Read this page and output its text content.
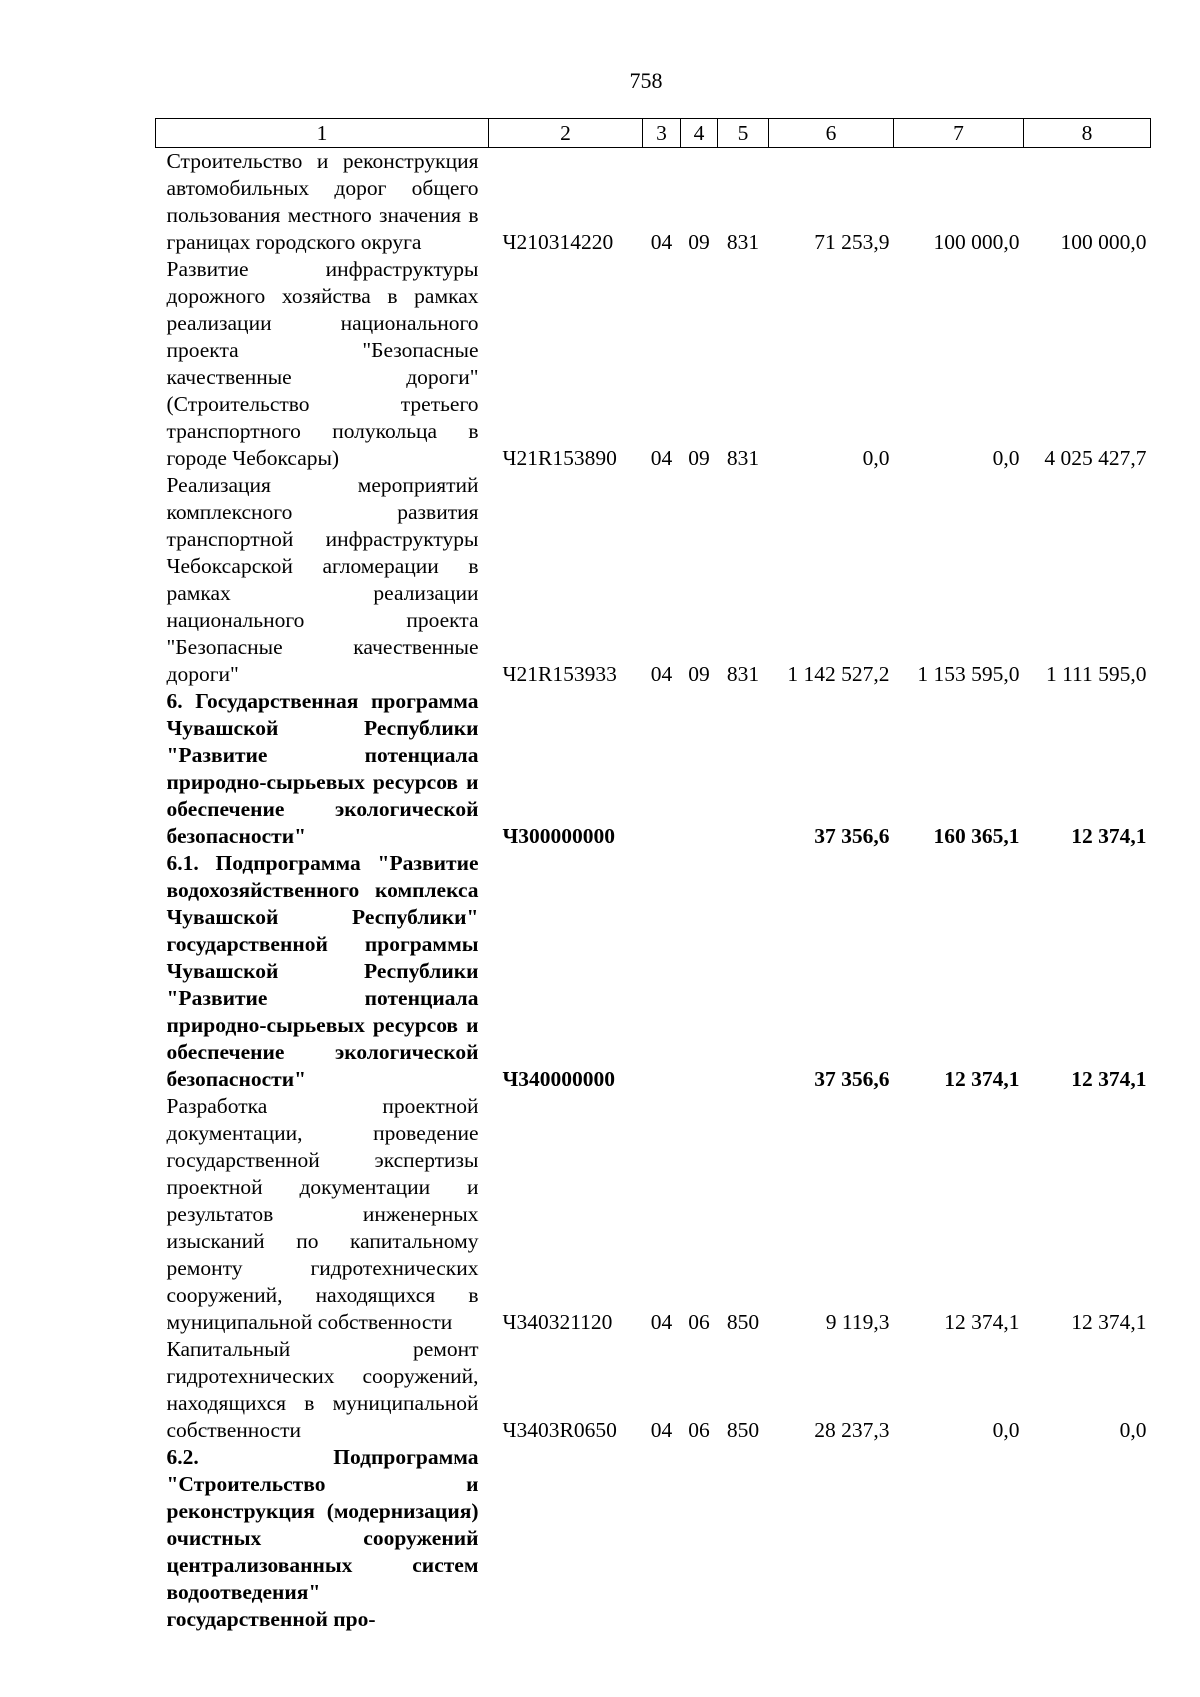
758
1	2	3	4	5	6	7	8
Строительство и реконструкция автомобильных дорог общего пользования местного значения в границах городского округа	Ч210314220	04	09	831	71 253,9	100 000,0	100 000,0
Развитие инфраструктуры дорожного хозяйства в рамках реализации национального проекта "Безопасные качественные дороги" (Строительство третьего транспортного полукольца в городе Чебоксары)	Ч21R153890	04	09	831	0,0	0,0	4 025 427,7
Реализация мероприятий комплексного развития транспортной инфраструктуры Чебоксарской агломерации в рамках реализации национального проекта "Безопасные качественные дороги"	Ч21R153933	04	09	831	1 142 527,2	1 153 595,0	1 111 595,0
6. Государственная программа Чувашской Республики "Развитие потенциала природно-сырьевых ресурсов и обеспечение экологической безопасности"	Ч300000000				37 356,6	160 365,1	12 374,1
6.1. Подпрограмма "Развитие водохозяйственного комплекса Чувашской Республики" государственной программы Чувашской Республики "Развитие потенциала природно-сырьевых ресурсов и обеспечение экологической безопасности"	Ч340000000				37 356,6	12 374,1	12 374,1
Разработка проектной документации, проведение государственной экспертизы проектной документации и результатов инженерных изысканий по капитальному ремонту гидротехнических сооружений, находящихся в муниципальной собственности	Ч340321120	04	06	850	9 119,3	12 374,1	12 374,1
Капитальный ремонт гидротехнических сооружений, находящихся в муниципальной собственности	Ч3403R0650	04	06	850	28 237,3	0,0	0,0
6.2. Подпрограмма "Строительство и реконструкция (модернизация) очистных сооружений централизованных систем водоотведения" государственной про-							
